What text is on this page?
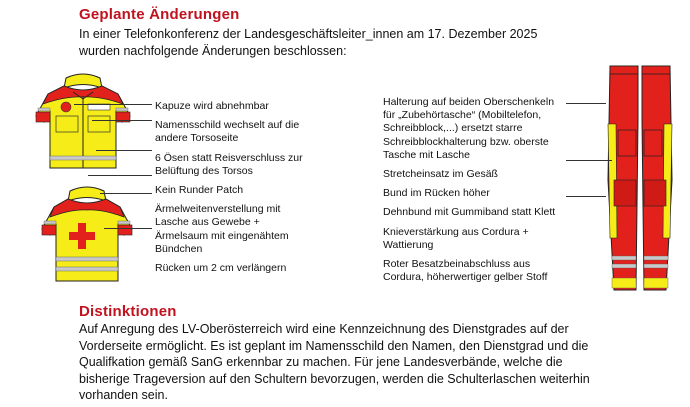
Geplante Änderungen
In einer Telefonkonferenz der Landesgeschäftsleiter_innen am 17. Dezember 2025 wurden nachfolgende Änderungen beschlossen:
Kapuze wird abnehmbar
Namensschild wechselt auf die andere Torsoseite
6 Ösen statt Reisverschluss zur Belüftung des Torsos
Kein Runder Patch
Ärmelweitenverstellung mit Lasche aus Gewebe + Ärmelsaum mit eingenähtem Bündchen
Rücken um 2 cm verlängern
Halterung auf beiden Oberschenkeln für „Zubehörtasche“ (Mobiltelefon, Schreibblock,...) ersetzt starre Schreibblockhalterung bzw. oberste Tasche mit Lasche
Stretcheinsatz im Gesäß
Bund im Rücken höher
Dehnbund mit Gummiband statt Klett
Knieverstärkung aus Cordura + Wattierung
Roter Besatzbeinabschluss aus Cordura, höherwertiger gelber Stoff
Distinktionen
Auf Anregung des LV-Oberösterreich wird eine Kennzeichnung des Dienstgrades auf der Vorderseite ermöglicht. Es ist geplant im Namensschild den Namen, den Dienstgrad und die Qualifkation gemäß SanG erkennbar zu machen. Für jene Landesverbände, welche die bisherige Trageversion auf den Schultern bevorzugen, werden die Schulterlaschen weiterhin vorhanden sein.
